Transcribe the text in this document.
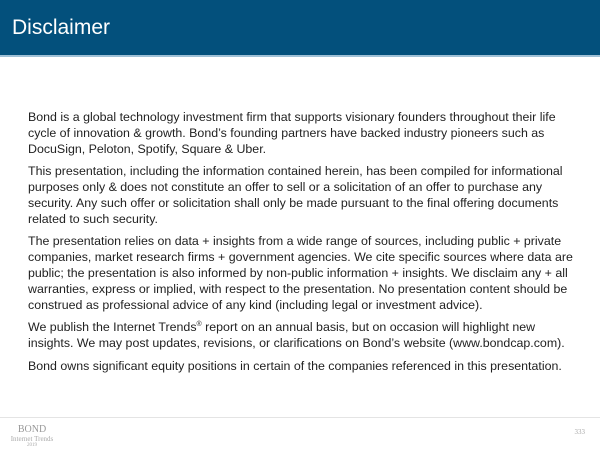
Disclaimer

Bond is a global technology investment firm that supports visionary founders throughout their life cycle of innovation & growth. Bond’s founding partners have backed industry pioneers such as DocuSign, Peloton, Spotify, Square & Uber.

This presentation, including the information contained herein, has been compiled for informational purposes only & does not constitute an offer to sell or a solicitation of an offer to purchase any security. Any such offer or solicitation shall only be made pursuant to the final offering documents related to such security.

The presentation relies on data + insights from a wide range of sources, including public + private companies, market research firms + government agencies. We cite specific sources where data are public; the presentation is also informed by non-public information + insights. We disclaim any + all warranties, express or implied, with respect to the presentation. No presentation content should be construed as professional advice of any kind (including legal or investment advice).

We publish the Internet Trends® report on an annual basis, but on occasion will highlight new insights. We may post updates, revisions, or clarifications on Bond’s website (www.bondcap.com).

Bond owns significant equity positions in certain of the companies referenced in this presentation.

BOND
Internet Trends
2019
333
